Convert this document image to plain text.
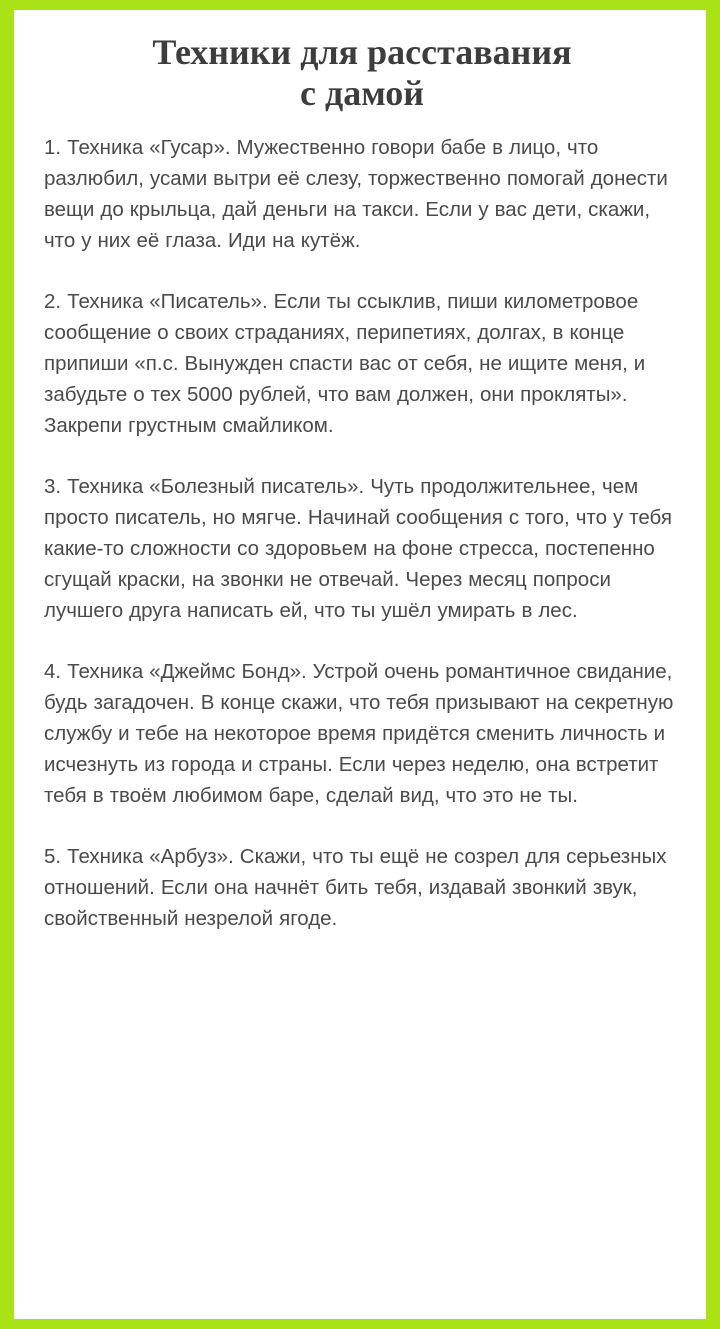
Техники для расставания
с дамой

1. Техника «Гусар». Мужественно говори бабе в лицо, что разлюбил, усами вытри её слезу, торжественно помогай донести вещи до крыльца, дай деньги на такси. Если у вас дети, скажи, что у них её глаза. Иди на кутёж.

2. Техника «Писатель». Если ты ссыклив, пиши километровое сообщение о своих страданиях, перипетиях, долгах, в конце припиши «п.с. Вынужден спасти вас от себя, не ищите меня, и забудьте о тех 5000 рублей, что вам должен, они прокляты». Закрепи грустным смайликом.

3. Техника «Болезный писатель». Чуть продолжительнее, чем просто писатель, но мягче. Начинай сообщения с того, что у тебя какие-то сложности со здоровьем на фоне стресса, постепенно сгущай краски, на звонки не отвечай. Через месяц попроси лучшего друга написать ей, что ты ушёл умирать в лес.

4. Техника «Джеймс Бонд». Устрой очень романтичное свидание, будь загадочен. В конце скажи, что тебя призывают на секретную службу и тебе на некоторое время придётся сменить личность и исчезнуть из города и страны. Если через неделю, она встретит тебя в твоём любимом баре, сделай вид, что это не ты.

5. Техника «Арбуз». Скажи, что ты ещё не созрел для серьезных отношений. Если она начнёт бить тебя, издавай звонкий звук, свойственный незрелой ягоде.
